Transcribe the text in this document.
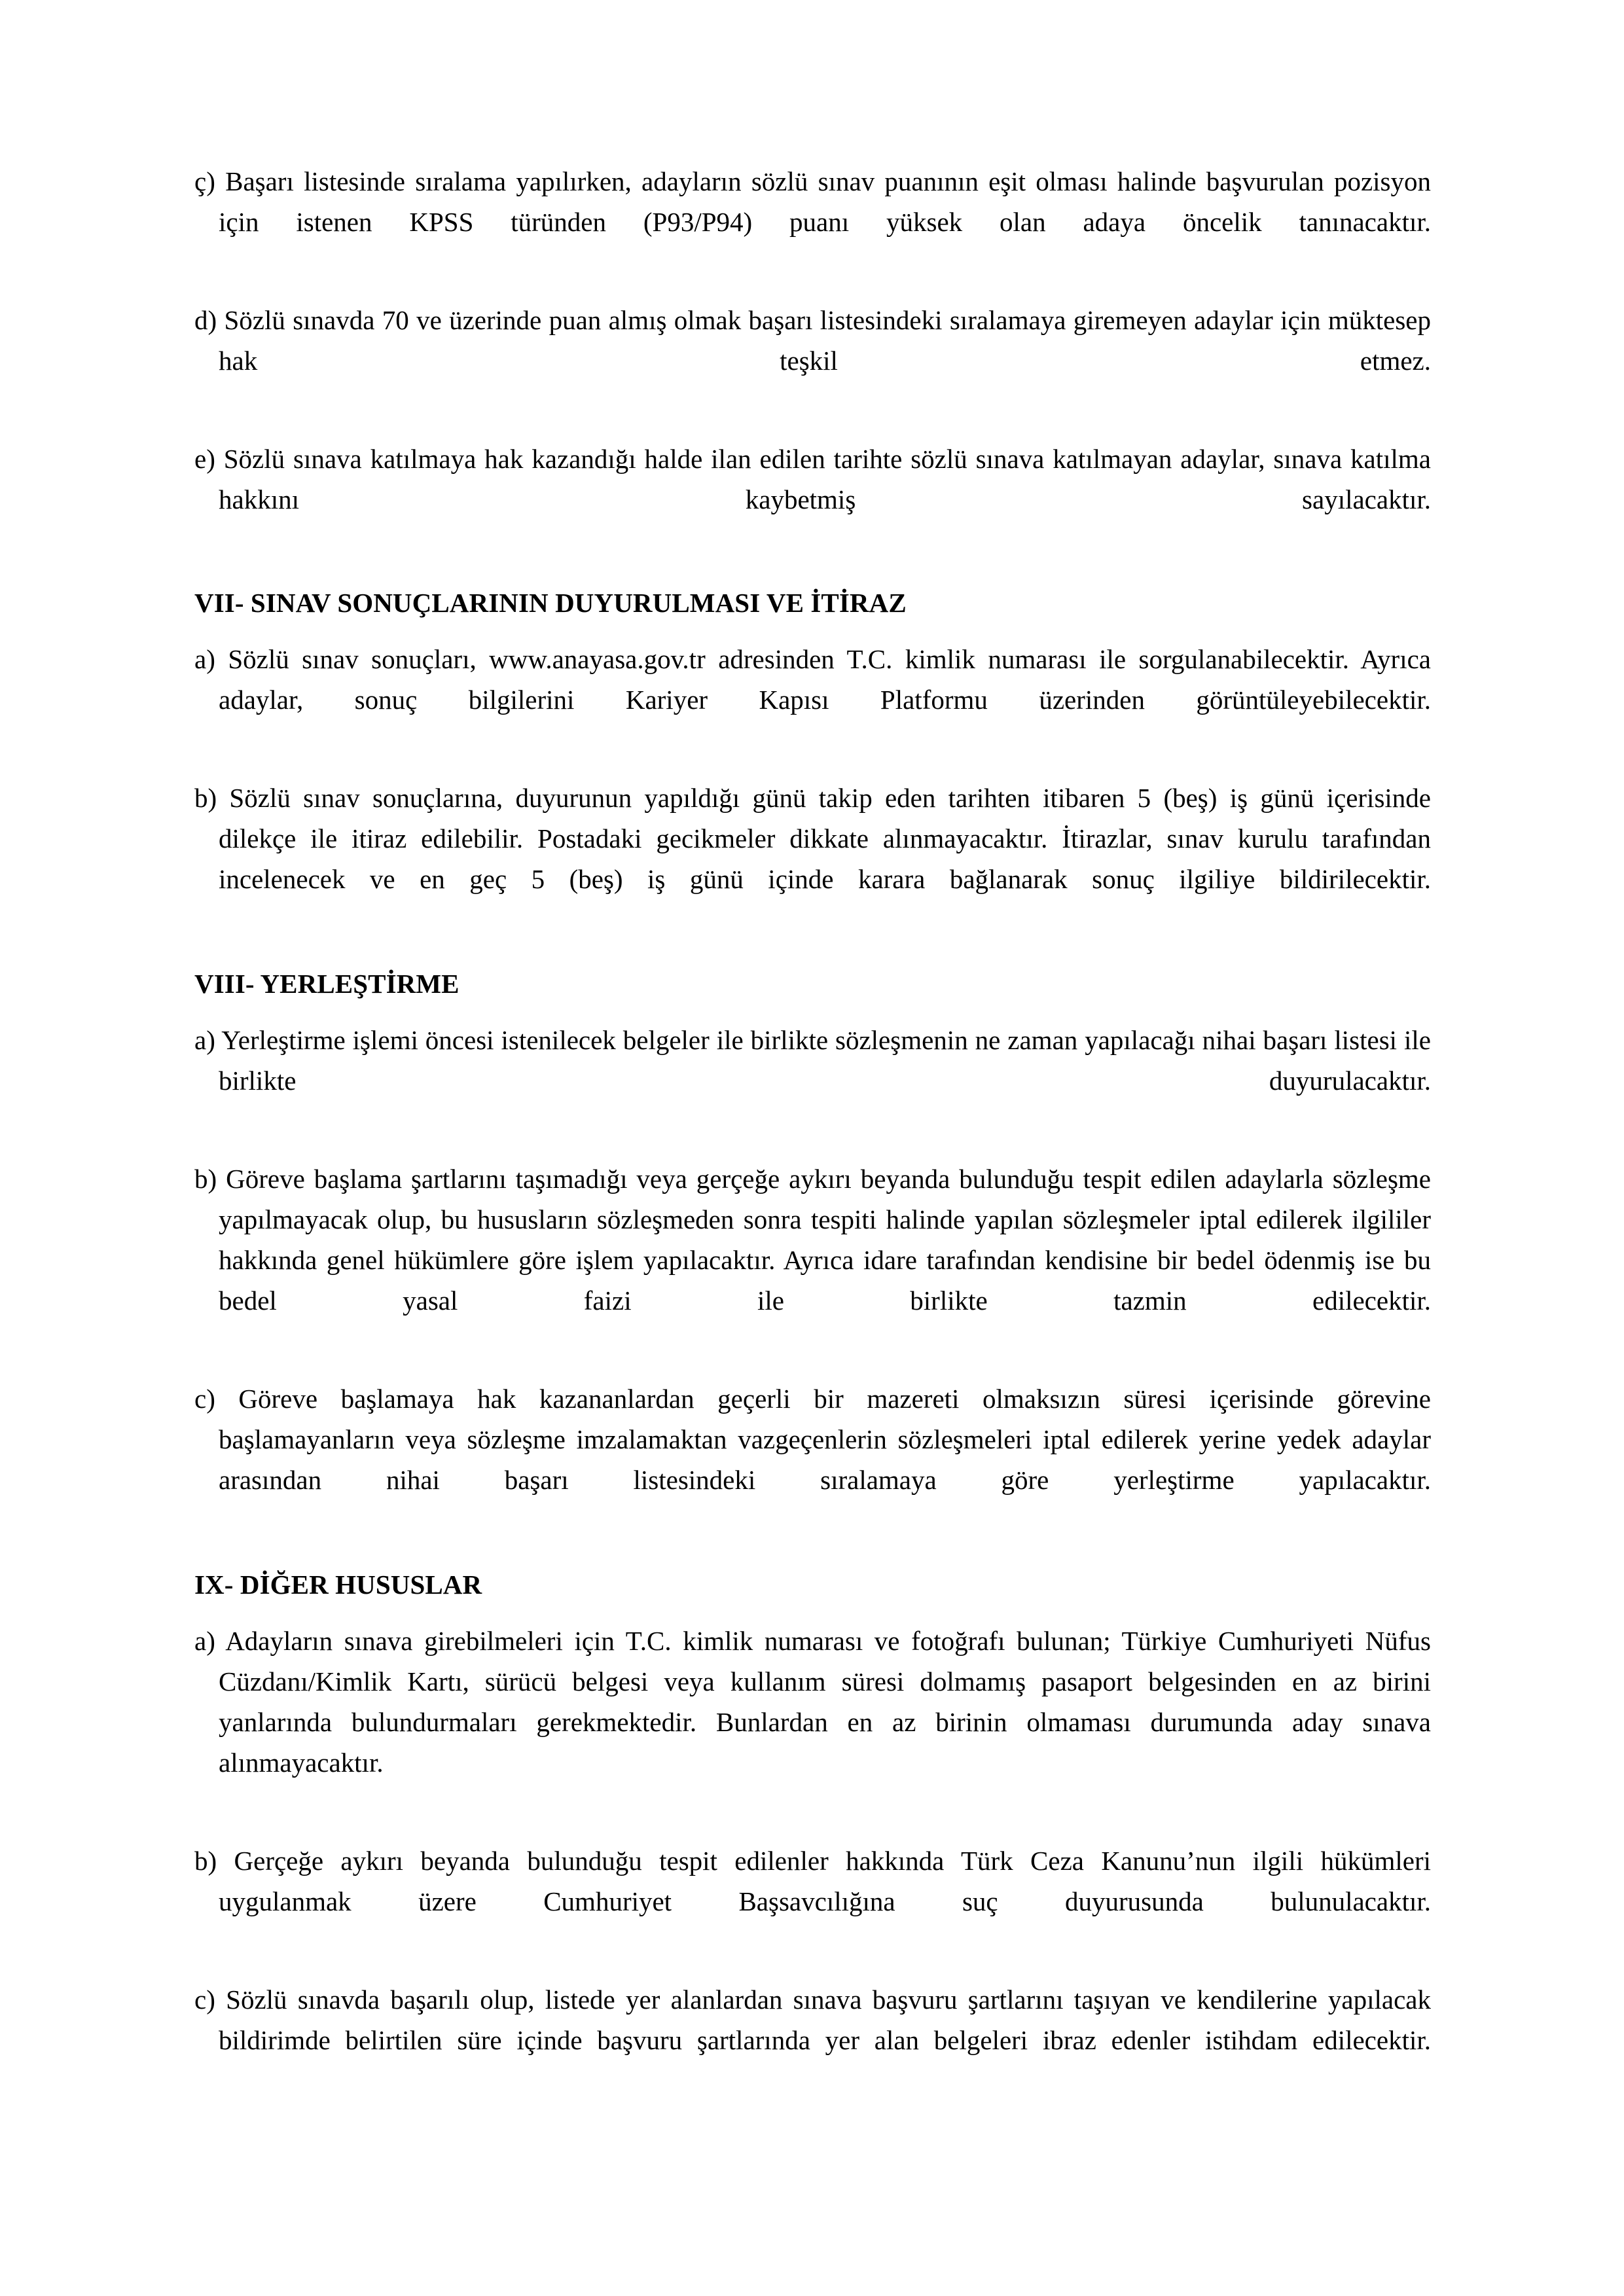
ç) Başarı listesinde sıralama yapılırken, adayların sözlü sınav puanının eşit olması halinde başvurulan pozisyon için istenen KPSS türünden (P93/P94) puanı yüksek olan adaya öncelik tanınacaktır.

d) Sözlü sınavda 70 ve üzerinde puan almış olmak başarı listesindeki sıralamaya giremeyen adaylar için müktesep hak teşkil etmez.

e) Sözlü sınava katılmaya hak kazandığı halde ilan edilen tarihte sözlü sınava katılmayan adaylar, sınava katılma hakkını kaybetmiş sayılacaktır.

VII- SINAV SONUÇLARININ DUYURULMASI VE İTİRAZ

a) Sözlü sınav sonuçları, www.anayasa.gov.tr adresinden T.C. kimlik numarası ile sorgulanabilecektir. Ayrıca adaylar, sonuç bilgilerini Kariyer Kapısı Platformu üzerinden görüntüleyebilecektir.

b) Sözlü sınav sonuçlarına, duyurunun yapıldığı günü takip eden tarihten itibaren 5 (beş) iş günü içerisinde dilekçe ile itiraz edilebilir. Postadaki gecikmeler dikkate alınmayacaktır. İtirazlar, sınav kurulu tarafından incelenecek ve en geç 5 (beş) iş günü içinde karara bağlanarak sonuç ilgiliye bildirilecektir.

VIII- YERLEŞTİRME

a) Yerleştirme işlemi öncesi istenilecek belgeler ile birlikte sözleşmenin ne zaman yapılacağı nihai başarı listesi ile birlikte duyurulacaktır.

b) Göreve başlama şartlarını taşımadığı veya gerçeğe aykırı beyanda bulunduğu tespit edilen adaylarla sözleşme yapılmayacak olup, bu hususların sözleşmeden sonra tespiti halinde yapılan sözleşmeler iptal edilerek ilgililer hakkında genel hükümlere göre işlem yapılacaktır. Ayrıca idare tarafından kendisine bir bedel ödenmiş ise bu bedel yasal faizi ile birlikte tazmin edilecektir.

c) Göreve başlamaya hak kazananlardan geçerli bir mazereti olmaksızın süresi içerisinde görevine başlamayanların veya sözleşme imzalamaktan vazgeçenlerin sözleşmeleri iptal edilerek yerine yedek adaylar arasından nihai başarı listesindeki sıralamaya göre yerleştirme yapılacaktır.

IX- DİĞER HUSUSLAR

a) Adayların sınava girebilmeleri için T.C. kimlik numarası ve fotoğrafı bulunan; Türkiye Cumhuriyeti Nüfus Cüzdanı/Kimlik Kartı, sürücü belgesi veya kullanım süresi dolmamış pasaport belgesinden en az birini yanlarında bulundurmaları gerekmektedir. Bunlardan en az birinin olmaması durumunda aday sınava alınmayacaktır.

b) Gerçeğe aykırı beyanda bulunduğu tespit edilenler hakkında Türk Ceza Kanunu’nun ilgili hükümleri uygulanmak üzere Cumhuriyet Başsavcılığına suç duyurusunda bulunulacaktır.

c) Sözlü sınavda başarılı olup, listede yer alanlardan sınava başvuru şartlarını taşıyan ve kendilerine yapılacak bildirimde belirtilen süre içinde başvuru şartlarında yer alan belgeleri ibraz edenler istihdam edilecektir.
